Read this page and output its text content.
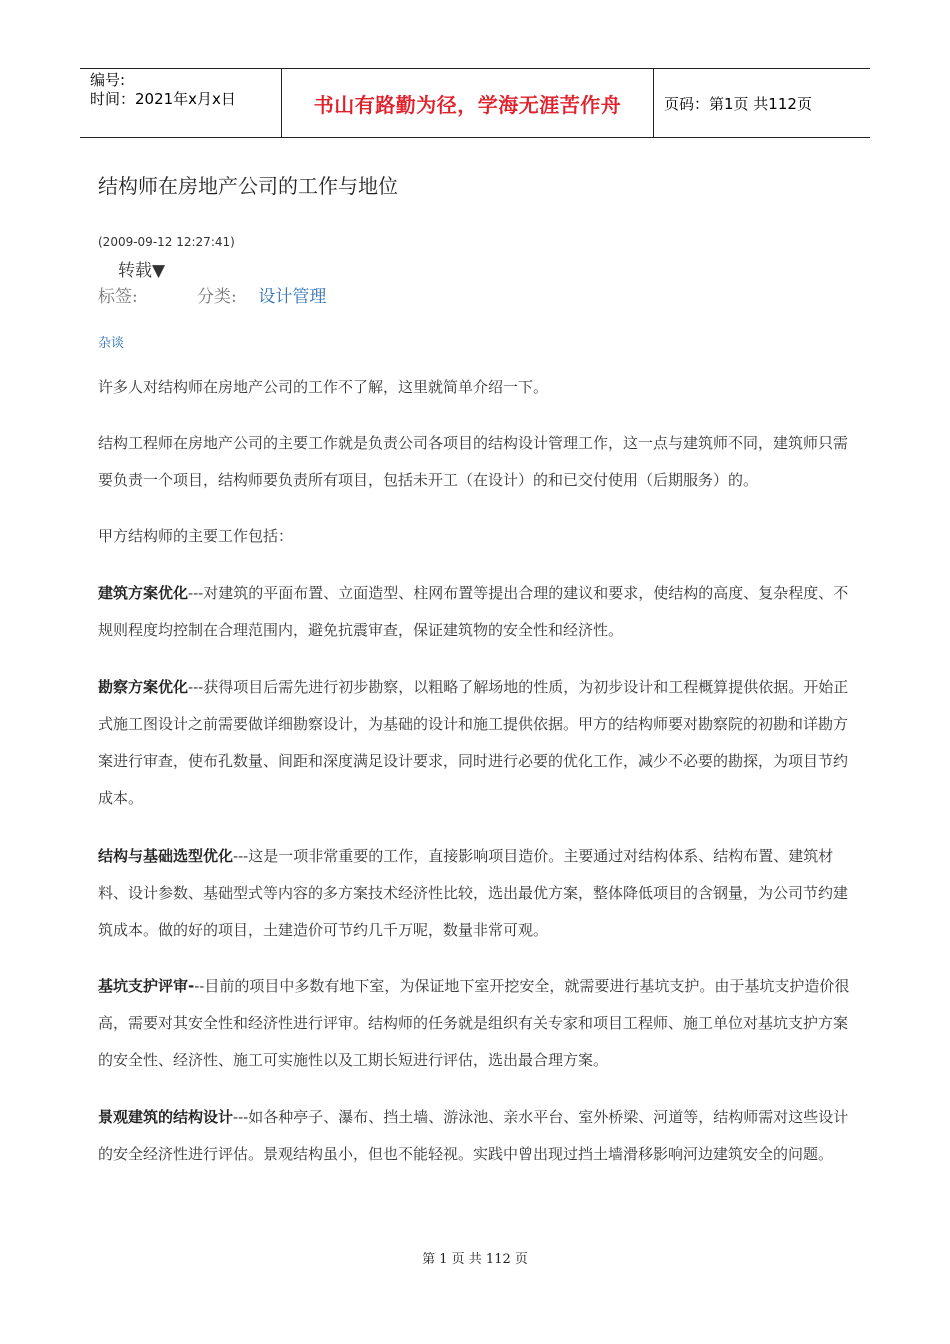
编号:
时间：2021年x月x日	书山有路勤为径，学海无涯苦作舟	页码：第1页 共112页
结构师在房地产公司的工作与地位
(2009-09-12 12:27:41)
转载▼
标签:	分类: 设计管理
杂谈

许多人对结构师在房地产公司的工作不了解，这里就简单介绍一下。

结构工程师在房地产公司的主要工作就是负责公司各项目的结构设计管理工作，这一点与建筑师不同，建筑师只需要负责一个项目，结构师要负责所有项目，包括未开工（在设计）的和已交付使用（后期服务）的。

甲方结构师的主要工作包括：

建筑方案优化---对建筑的平面布置、立面造型、柱网布置等提出合理的建议和要求，使结构的高度、复杂程度、不规则程度均控制在合理范围内，避免抗震审查，保证建筑物的安全性和经济性。

勘察方案优化---获得项目后需先进行初步勘察，以粗略了解场地的性质，为初步设计和工程概算提供依据。开始正式施工图设计之前需要做详细勘察设计，为基础的设计和施工提供依据。甲方的结构师要对勘察院的初勘和详勘方案进行审查，使布孔数量、间距和深度满足设计要求，同时进行必要的优化工作，减少不必要的勘探，为项目节约成本。

结构与基础选型优化---这是一项非常重要的工作，直接影响项目造价。主要通过对结构体系、结构布置、建筑材料、设计参数、基础型式等内容的多方案技术经济性比较，选出最优方案，整体降低项目的含钢量，为公司节约建筑成本。做的好的项目，土建造价可节约几千万呢，数量非常可观。

基坑支护评审---目前的项目中多数有地下室，为保证地下室开挖安全，就需要进行基坑支护。由于基坑支护造价很高，需要对其安全性和经济性进行评审。结构师的任务就是组织有关专家和项目工程师、施工单位对基坑支护方案的安全性、经济性、施工可实施性以及工期长短进行评估，选出最合理方案。

景观建筑的结构设计---如各种亭子、瀑布、挡土墙、游泳池、亲水平台、室外桥梁、河道等，结构师需对这些设计的安全经济性进行评估。景观结构虽小，但也不能轻视。实践中曾出现过挡土墙滑移影响河边建筑安全的问题。

第 1 页 共 112 页
